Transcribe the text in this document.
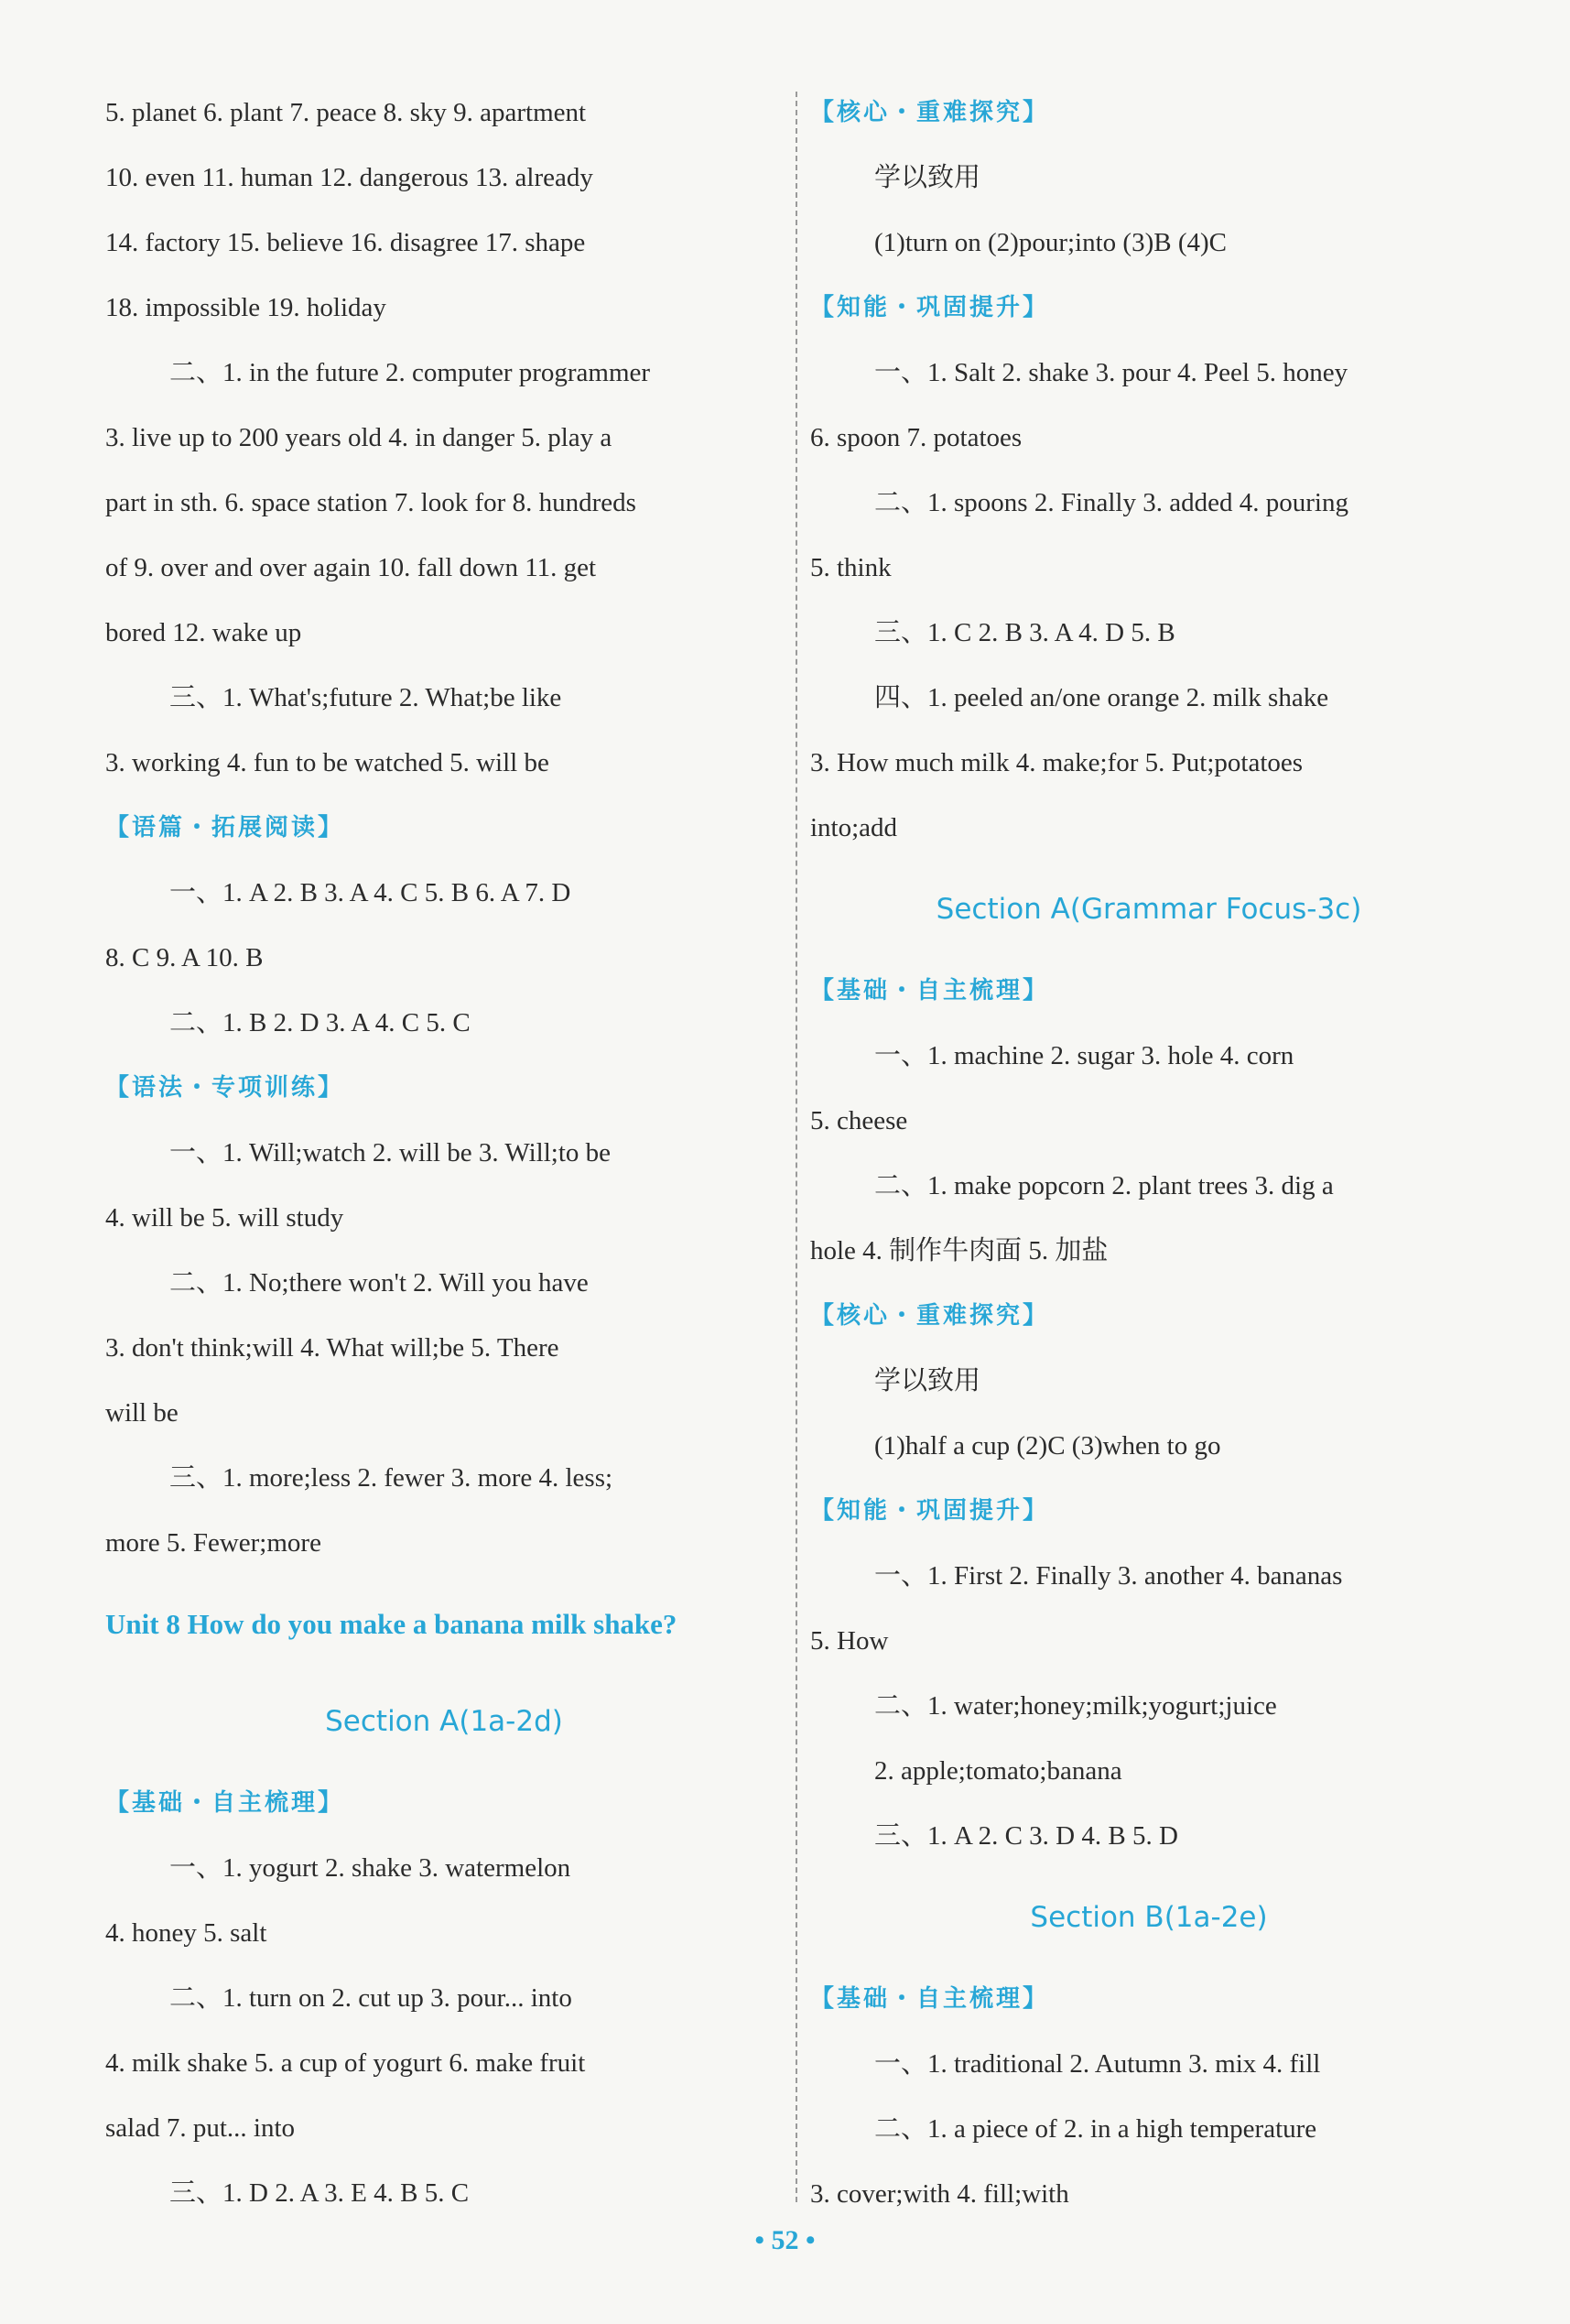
5. planet 6. plant 7. peace 8. sky 9. apartment
10. even 11. human 12. dangerous 13. already
14. factory 15. believe 16. disagree 17. shape
18. impossible 19. holiday
二、1. in the future 2. computer programmer
3. live up to 200 years old 4. in danger 5. play a
part in sth. 6. space station 7. look for 8. hundreds
of 9. over and over again 10. fall down 11. get
bored 12. wake up
三、1. What's;future 2. What;be like
3. working 4. fun to be watched 5. will be
【语篇・拓展阅读】
一、1. A 2. B 3. A 4. C 5. B 6. A 7. D
8. C 9. A 10. B
二、1. B 2. D 3. A 4. C 5. C
【语法・专项训练】
一、1. Will;watch 2. will be 3. Will;to be
4. will be 5. will study
二、1. No;there won't 2. Will you have
3. don't think;will 4. What will;be 5. There
will be
三、1. more;less 2. fewer 3. more 4. less;
more 5. Fewer;more
Unit 8 How do you make a banana milk shake?
Section A(1a-2d)
【基础・自主梳理】
一、1. yogurt 2. shake 3. watermelon
4. honey 5. salt
二、1. turn on 2. cut up 3. pour... into
4. milk shake 5. a cup of yogurt 6. make fruit
salad 7. put... into
三、1. D 2. A 3. E 4. B 5. C
【核心・重难探究】
学以致用
(1)turn on (2)pour;into (3)B (4)C
【知能・巩固提升】
一、1. Salt 2. shake 3. pour 4. Peel 5. honey
6. spoon 7. potatoes
二、1. spoons 2. Finally 3. added 4. pouring
5. think
三、1. C 2. B 3. A 4. D 5. B
四、1. peeled an/one orange 2. milk shake
3. How much milk 4. make;for 5. Put;potatoes
into;add
Section A(Grammar Focus-3c)
【基础・自主梳理】
一、1. machine 2. sugar 3. hole 4. corn
5. cheese
二、1. make popcorn 2. plant trees 3. dig a
hole 4. 制作牛肉面 5. 加盐
【核心・重难探究】
学以致用
(1)half a cup (2)C (3)when to go
【知能・巩固提升】
一、1. First 2. Finally 3. another 4. bananas
5. How
二、1. water;honey;milk;yogurt;juice
2. apple;tomato;banana
三、1. A 2. C 3. D 4. B 5. D
Section B(1a-2e)
【基础・自主梳理】
一、1. traditional 2. Autumn 3. mix 4. fill
二、1. a piece of 2. in a high temperature
3. cover;with 4. fill;with
• 52 •
